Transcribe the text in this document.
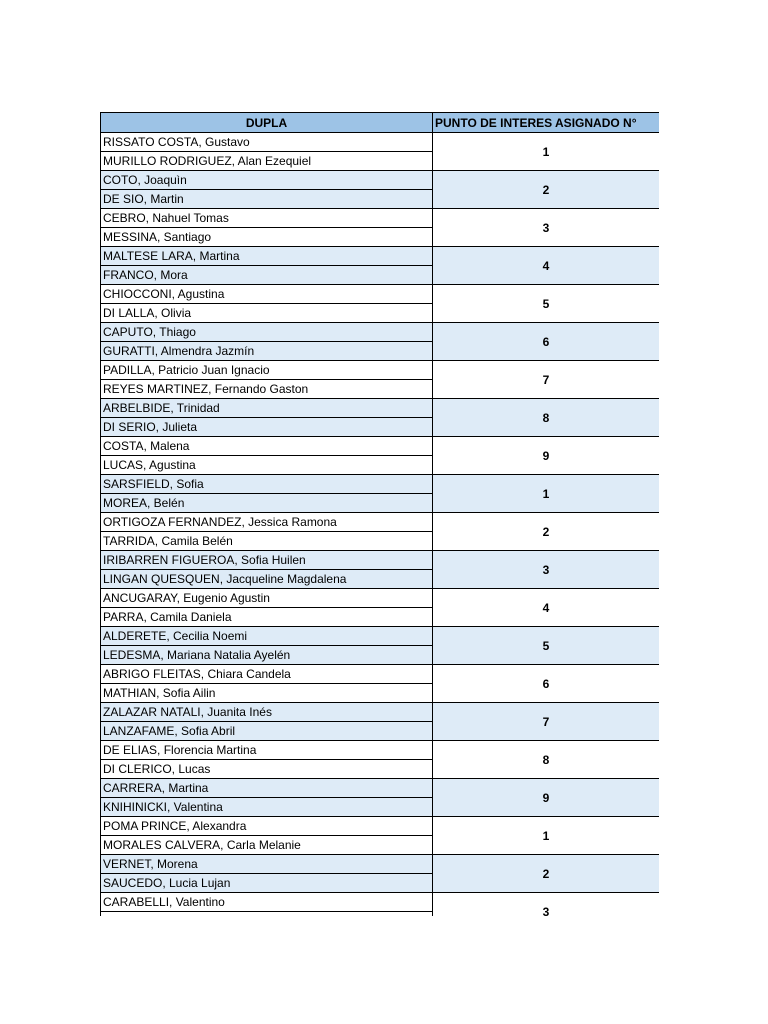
DUPLA	PUNTO DE INTERES ASIGNADO N°
RISSATO COSTA, Gustavo	1
MURILLO RODRIGUEZ, Alan Ezequiel	
COTO, Joaquìn	2
DE SIO, Martin	
CEBRO, Nahuel Tomas	3
MESSINA, Santiago	
MALTESE LARA, Martina	4
FRANCO, Mora	
CHIOCCONI, Agustina	5
DI LALLA, Olivia	
CAPUTO, Thiago	6
GURATTI, Almendra Jazmín	
PADILLA, Patricio Juan Ignacio	7
REYES MARTINEZ, Fernando Gaston	
ARBELBIDE, Trinidad	8
DI SERIO, Julieta	
COSTA, Malena	9
LUCAS, Agustina	
SARSFIELD, Sofia	1
MOREA, Belén	
ORTIGOZA FERNANDEZ, Jessica Ramona	2
TARRIDA, Camila Belén	
IRIBARREN FIGUEROA, Sofia Huilen	3
LINGAN QUESQUEN, Jacqueline Magdalena	
ANCUGARAY, Eugenio Agustin	4
PARRA, Camila Daniela	
ALDERETE, Cecilia Noemi	5
LEDESMA, Mariana Natalia Ayelén	
ABRIGO FLEITAS, Chiara Candela	6
MATHIAN, Sofia Ailin	
ZALAZAR NATALI, Juanita Inés	7
LANZAFAME, Sofia Abril	
DE ELIAS, Florencia Martina	8
DI CLERICO, Lucas	
CARRERA, Martina	9
KNIHINICKI, Valentina	
POMA PRINCE, Alexandra	1
MORALES CALVERA, Carla Melanie	
VERNET, Morena	2
SAUCEDO, Lucia Lujan	
CARABELLI, Valentino	3
